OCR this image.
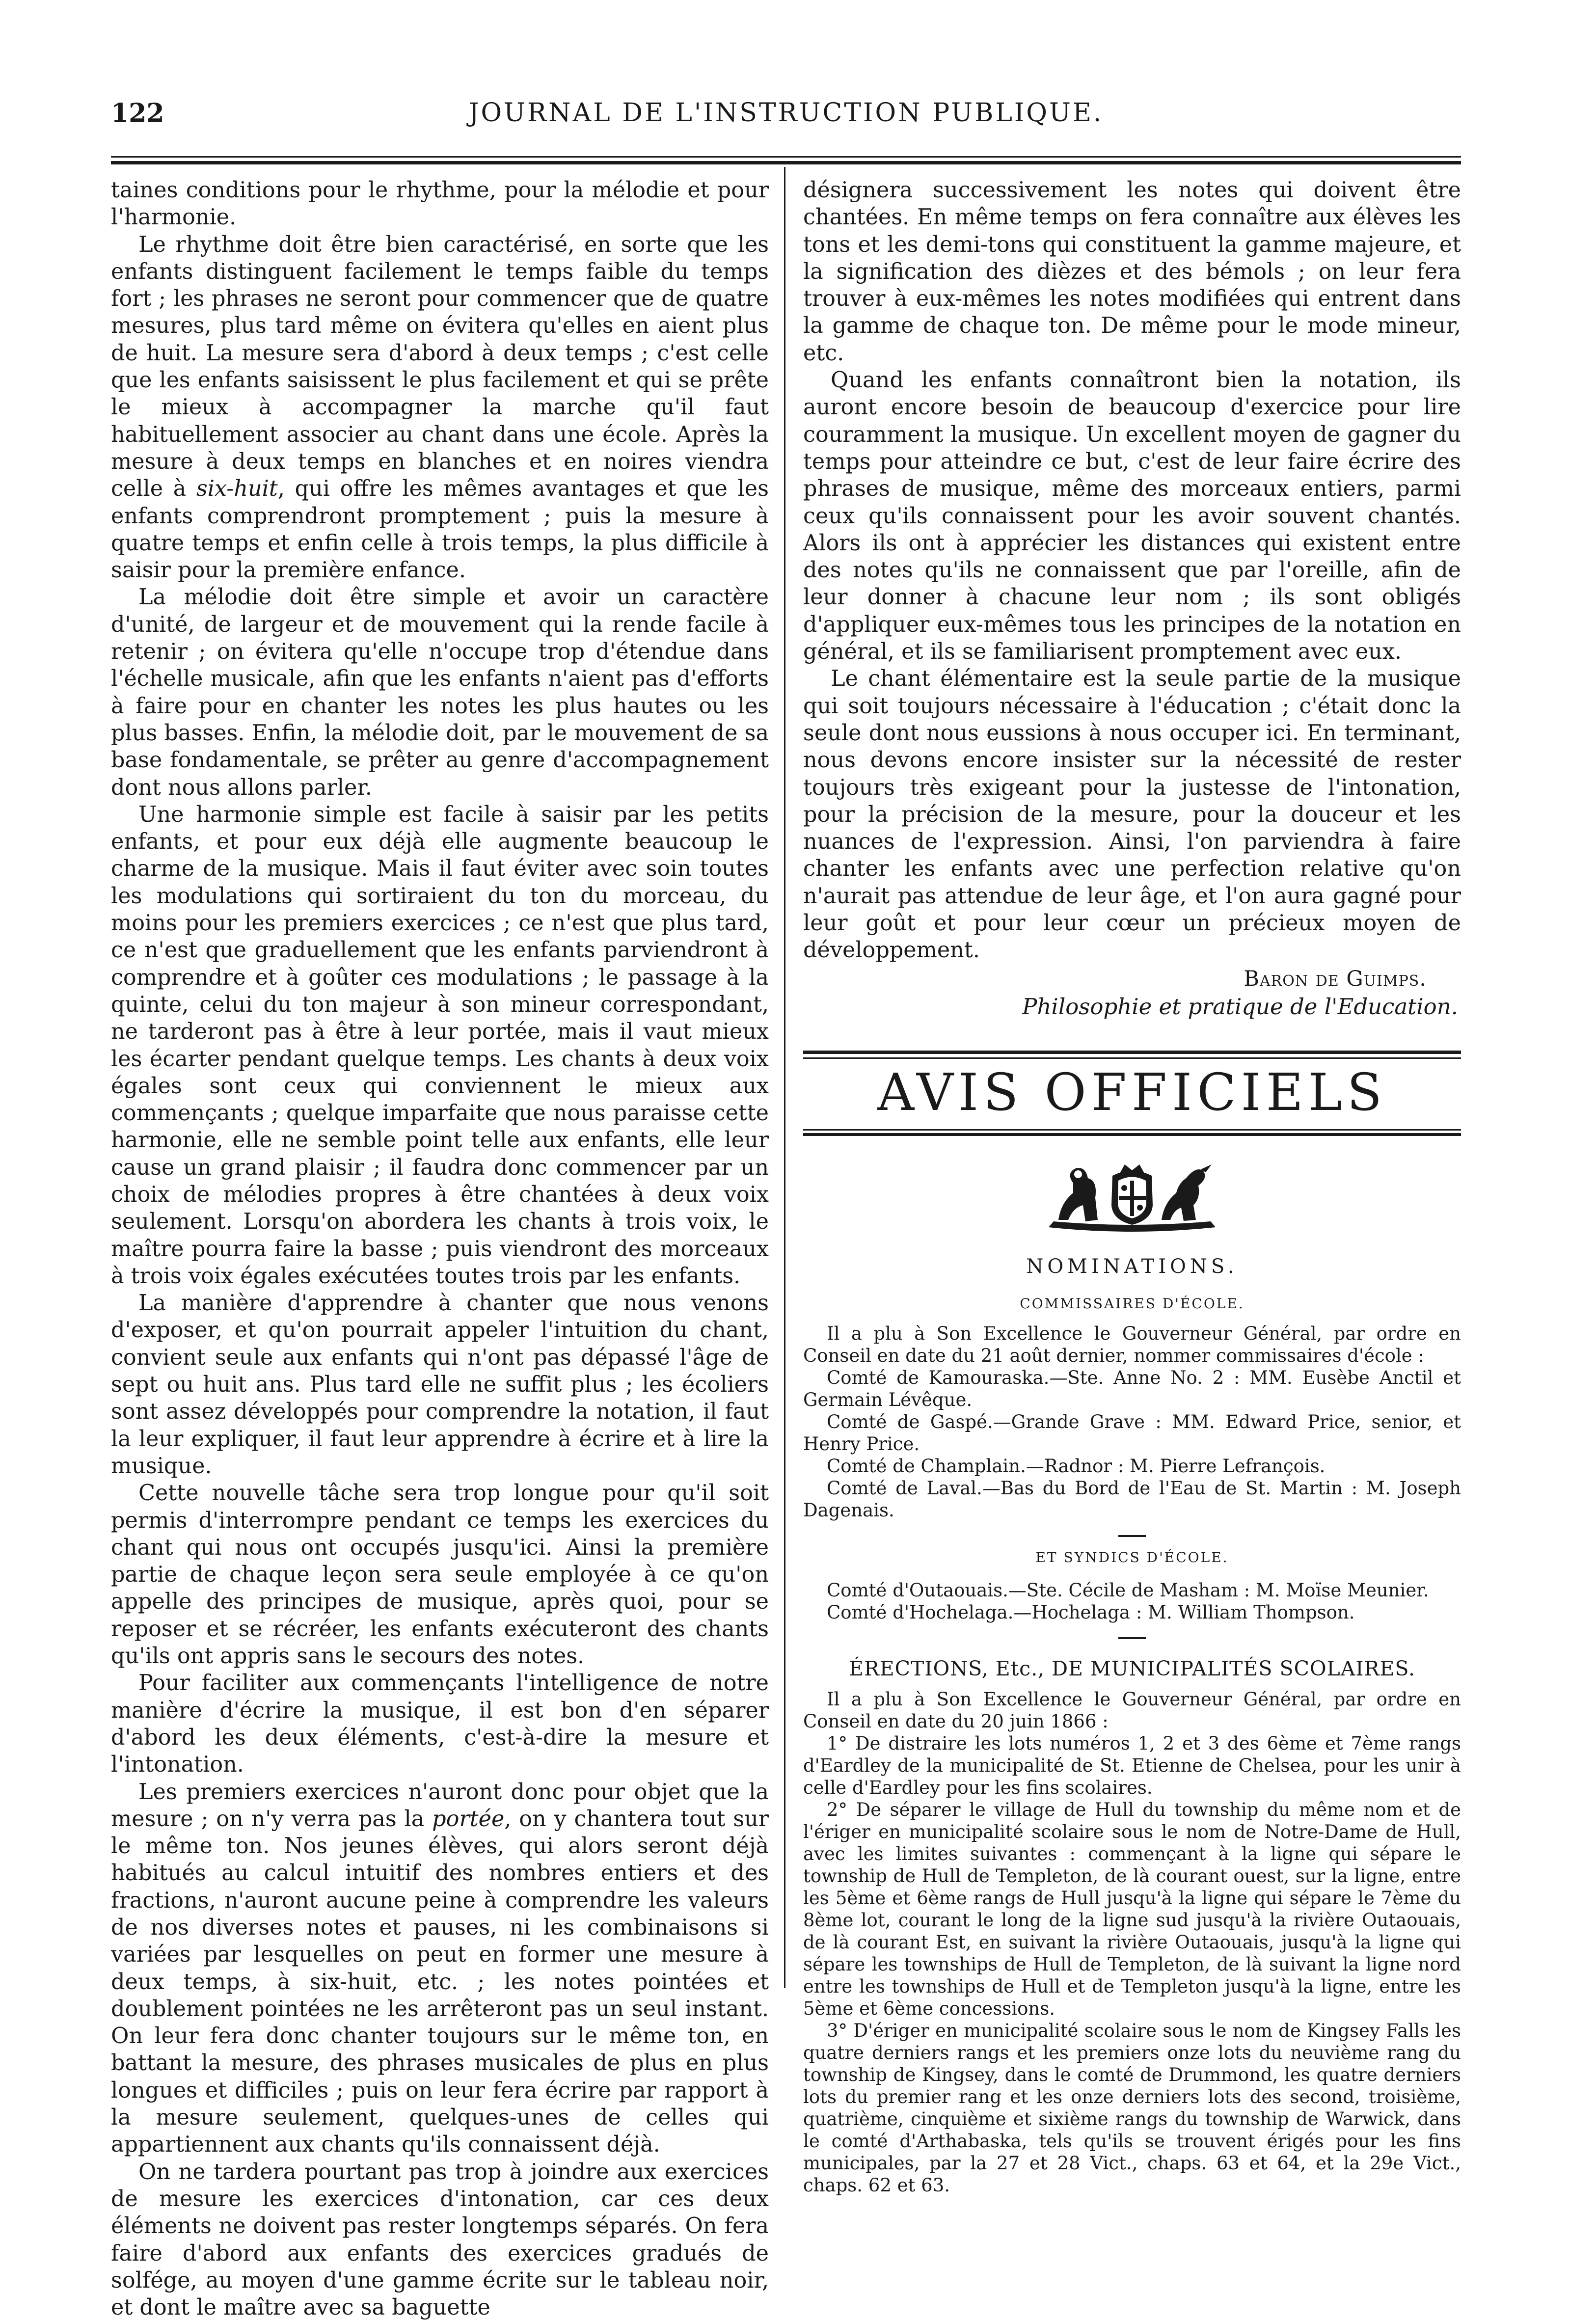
122	JOURNAL DE L'INSTRUCTION PUBLIQUE.

taines conditions pour le rhythme, pour la mélodie et pour l'harmonie.

Le rhythme doit être bien caractérisé, en sorte que les enfants distinguent facilement le temps faible du temps fort ; les phrases ne seront pour commencer que de quatre mesures, plus tard même on évitera qu'elles en aient plus de huit. La mesure sera d'abord à deux temps ; c'est celle que les enfants saisissent le plus facilement et qui se prête le mieux à accompagner la marche qu'il faut habituellement associer au chant dans une école. Après la mesure à deux temps en blanches et en noires viendra celle à six-huit, qui offre les mêmes avantages et que les enfants comprendront promptement ; puis la mesure à quatre temps et enfin celle à trois temps, la plus difficile à saisir pour la première enfance.

La mélodie doit être simple et avoir un caractère d'unité, de largeur et de mouvement qui la rende facile à retenir ; on évitera qu'elle n'occupe trop d'étendue dans l'échelle musicale, afin que les enfants n'aient pas d'efforts à faire pour en chanter les notes les plus hautes ou les plus basses. Enfin, la mélodie doit, par le mouvement de sa base fondamentale, se prêter au genre d'accompagnement dont nous allons parler.

Une harmonie simple est facile à saisir par les petits enfants, et pour eux déjà elle augmente beaucoup le charme de la musique. Mais il faut éviter avec soin toutes les modulations qui sortiraient du ton du morceau, du moins pour les premiers exercices ; ce n'est que plus tard, ce n'est que graduellement que les enfants parviendront à comprendre et à goûter ces modulations ; le passage à la quinte, celui du ton majeur à son mineur correspondant, ne tarderont pas à être à leur portée, mais il vaut mieux les écarter pendant quelque temps. Les chants à deux voix égales sont ceux qui conviennent le mieux aux commençants ; quelque imparfaite que nous paraisse cette harmonie, elle ne semble point telle aux enfants, elle leur cause un grand plaisir ; il faudra donc commencer par un choix de mélodies propres à être chantées à deux voix seulement. Lorsqu'on abordera les chants à trois voix, le maître pourra faire la basse ; puis viendront des morceaux à trois voix égales exécutées toutes trois par les enfants.

La manière d'apprendre à chanter que nous venons d'exposer, et qu'on pourrait appeler l'intuition du chant, convient seule aux enfants qui n'ont pas dépassé l'âge de sept ou huit ans. Plus tard elle ne suffit plus ; les écoliers sont assez développés pour comprendre la notation, il faut la leur expliquer, il faut leur apprendre à écrire et à lire la musique.

Cette nouvelle tâche sera trop longue pour qu'il soit permis d'interrompre pendant ce temps les exercices du chant qui nous ont occupés jusqu'ici. Ainsi la première partie de chaque leçon sera seule employée à ce qu'on appelle des principes de musique, après quoi, pour se reposer et se récréer, les enfants exécuteront des chants qu'ils ont appris sans le secours des notes.

Pour faciliter aux commençants l'intelligence de notre manière d'écrire la musique, il est bon d'en séparer d'abord les deux éléments, c'est-à-dire la mesure et l'intonation.

Les premiers exercices n'auront donc pour objet que la mesure ; on n'y verra pas la portée, on y chantera tout sur le même ton. Nos jeunes élèves, qui alors seront déjà habitués au calcul intuitif des nombres entiers et des fractions, n'auront aucune peine à comprendre les valeurs de nos diverses notes et pauses, ni les combinaisons si variées par lesquelles on peut en former une mesure à deux temps, à six-huit, etc. ; les notes pointées et doublement pointées ne les arrêteront pas un seul instant. On leur fera donc chanter toujours sur le même ton, en battant la mesure, des phrases musicales de plus en plus longues et difficiles ; puis on leur fera écrire par rapport à la mesure seulement, quelques-unes de celles qui appartiennent aux chants qu'ils connaissent déjà.

On ne tardera pourtant pas trop à joindre aux exercices de mesure les exercices d'intonation, car ces deux éléments ne doivent pas rester longtemps séparés. On fera faire d'abord aux enfants des exercices gradués de solfége, au moyen d'une gamme écrite sur le tableau noir, et dont le maître avec sa baguette

désignera successivement les notes qui doivent être chantées. En même temps on fera connaître aux élèves les tons et les demi-tons qui constituent la gamme majeure, et la signification des dièzes et des bémols ; on leur fera trouver à eux-mêmes les notes modifiées qui entrent dans la gamme de chaque ton. De même pour le mode mineur, etc.

Quand les enfants connaîtront bien la notation, ils auront encore besoin de beaucoup d'exercice pour lire couramment la musique. Un excellent moyen de gagner du temps pour atteindre ce but, c'est de leur faire écrire des phrases de musique, même des morceaux entiers, parmi ceux qu'ils connaissent pour les avoir souvent chantés. Alors ils ont à apprécier les distances qui existent entre des notes qu'ils ne connaissent que par l'oreille, afin de leur donner à chacune leur nom ; ils sont obligés d'appliquer eux-mêmes tous les principes de la notation en général, et ils se familiarisent promptement avec eux.

Le chant élémentaire est la seule partie de la musique qui soit toujours nécessaire à l'éducation ; c'était donc la seule dont nous eussions à nous occuper ici. En terminant, nous devons encore insister sur la nécessité de rester toujours très exigeant pour la justesse de l'intonation, pour la précision de la mesure, pour la douceur et les nuances de l'expression. Ainsi, l'on parviendra à faire chanter les enfants avec une perfection relative qu'on n'aurait pas attendue de leur âge, et l'on aura gagné pour leur goût et pour leur cœur un précieux moyen de développement.

Baron de Guimps.
Philosophie et pratique de l'Education.
AVIS OFFICIELS
NOMINATIONS.
COMMISSAIRES D'ÉCOLE.

Il a plu à Son Excellence le Gouverneur Général, par ordre en Conseil en date du 21 août dernier, nommer commissaires d'école :

Comté de Kamouraska.—Ste. Anne No. 2 : MM. Eusèbe Anctil et Germain Lévêque.

Comté de Gaspé.—Grande Grave : MM. Edward Price, senior, et Henry Price.

Comté de Champlain.—Radnor : M. Pierre Lefrançois.

Comté de Laval.—Bas du Bord de l'Eau de St. Martin : M. Joseph Dagenais.

ET SYNDICS D'ÉCOLE.

Comté d'Outaouais.—Ste. Cécile de Masham : M. Moïse Meunier.

Comté d'Hochelaga.—Hochelaga : M. William Thompson.

ÉRECTIONS, Etc., DE MUNICIPALITÉS SCOLAIRES.

Il a plu à Son Excellence le Gouverneur Général, par ordre en Conseil en date du 20 juin 1866 :

1° De distraire les lots numéros 1, 2 et 3 des 6ème et 7ème rangs d'Eardley de la municipalité de St. Etienne de Chelsea, pour les unir à celle d'Eardley pour les fins scolaires.

2° De séparer le village de Hull du township du même nom et de l'ériger en municipalité scolaire sous le nom de Notre-Dame de Hull, avec les limites suivantes : commençant à la ligne qui sépare le township de Hull de Templeton, de là courant ouest, sur la ligne, entre les 5ème et 6ème rangs de Hull jusqu'à la ligne qui sépare le 7ème du 8ème lot, courant le long de la ligne sud jusqu'à la rivière Outaouais, de là courant Est, en suivant la rivière Outaouais, jusqu'à la ligne qui sépare les townships de Hull de Templeton, de là suivant la ligne nord entre les townships de Hull et de Templeton jusqu'à la ligne, entre les 5ème et 6ème concessions.

3° D'ériger en municipalité scolaire sous le nom de Kingsey Falls les quatre derniers rangs et les premiers onze lots du neuvième rang du township de Kingsey, dans le comté de Drummond, les quatre derniers lots du premier rang et les onze derniers lots des second, troisième, quatrième, cinquième et sixième rangs du township de Warwick, dans le comté d'Arthabaska, tels qu'ils se trouvent érigés pour les fins municipales, par la 27 et 28 Vict., chaps. 63 et 64, et la 29e Vict., chaps. 62 et 63.
